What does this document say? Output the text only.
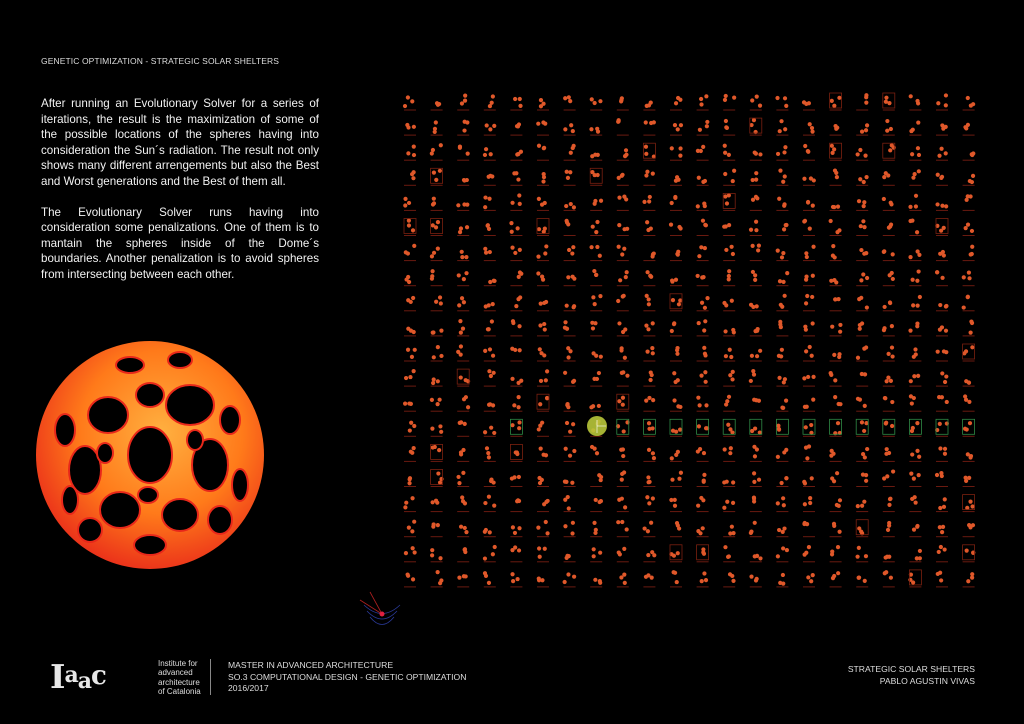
GENETIC OPTIMIZATION - STRATEGIC SOLAR SHELTERS

After running an Evolutionary Solver for a series of iterations, the result is the maximization of some of the possible locations of the spheres having into consideration the Sun´s radiation. The result not only shows many different arrengements but also the Best and Worst generations and the Best of them all.

The Evolutionary Solver runs having into consideration some penalizations. One of them is to mantain the spheres inside of the Dome´s boundaries. Another penalization is to avoid spheres from intersecting between each other.

Iaac	Institute for
advanced
architecture
of Catalonia
MASTER IN ADVANCED ARCHITECTURE
SO.3 COMPUTATIONAL DESIGN - GENETIC OPTIMIZATION
2016/2017
STRATEGIC SOLAR SHELTERS
PABLO AGUSTIN VIVAS
